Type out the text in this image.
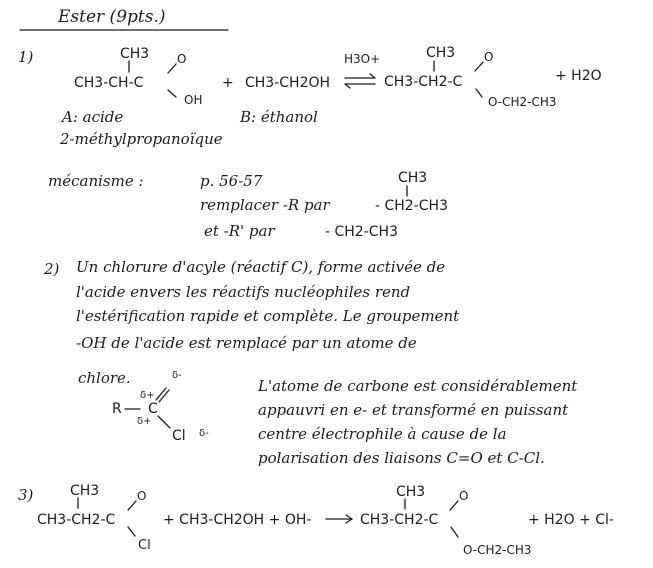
Ester (9pts.)
1)	CH3
CH3-CH-C
O
OH
+ CH3-CH2OH
H3O+	CH3
CH3-CH2-C
O
O-CH2-CH3
+ H2O
A: acide
2-méthylpropanoïque
B: éthanol
mécanisme :	p. 56-57	CH3
remplacer -R par	- CH2-CH3
et -R' par	- CH2-CH3
2) Un chlorure d'acyle (réactif C), forme activée de
l'acide envers les réactifs nucléophiles rend
l'estérification rapide et complète. Le groupement
-OH de l'acide est remplacé par un atome de
chlore.
R C
δ-
δ+
δ+
Cl δ-
L'atome de carbone est considérablement
appauvri en e- et transformé en puissant
centre électrophile à cause de la
polarisation des liaisons C=O et C-Cl.
3)	CH3
CH3-CH2-C
O
Cl
+ CH3-CH2OH + OH-
CH3
CH3-CH2-C
O
O-CH2-CH3
+ H2O + Cl-
